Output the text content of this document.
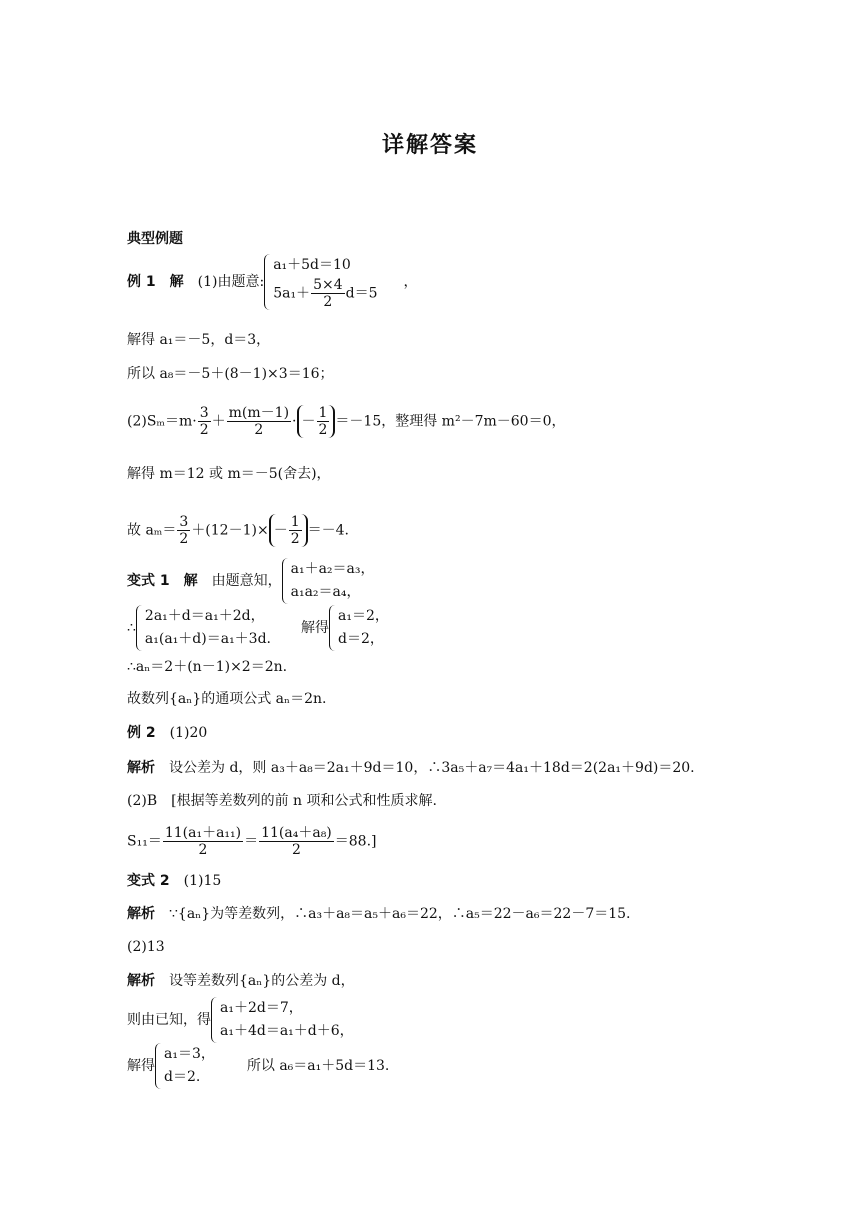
详解答案
典型例题
例 1 解 (1)由题意:
a₁＋5d＝10
$5a_1+ \frac{5\times 4}{2} d=5$
，
解得 a₁＝－5，d＝3，
所以 a₈＝－5＋(8－1)×3＝16；
$(2)S_m=m\cdot \frac{3}{2} + \frac{m(m-1)}{2}$ · － $\frac{1}{2} =-15$，整理得 m²－7m－60＝0，
解得 m＝12 或 m＝－5(舍去)，
故 $a_m= \frac{3}{2} +(12-1)\times - \frac{1}{2} =-4$.
变式 1 解 由题意知，
a₁＋a₂＝a₃，
a₁a₂＝a₄，
∴
2a₁＋d＝a₁＋2d，
a₁(a₁＋d)＝a₁＋3d.
解得
a₁＝2，
d＝2，
∴aₙ＝2＋(n－1)×2＝2n.
故数列{aₙ}的通项公式 aₙ＝2n.
例 2 (1)20
解析 设公差为 d，则 a₃＋a₈＝2a₁＋9d＝10，∴3a₅＋a₇＝4a₁＋18d＝2(2a₁＋9d)＝20.
(2)B [根据等差数列的前 n 项和公式和性质求解.
$S_{11}= \frac{\text{11(a₁＋a₁₁)}}{2} = \frac{\text{11(a₄＋a₈)}}{2} =88$.]
变式 2 (1)15
解析 ∵{aₙ}为等差数列，∴a₃＋a₈＝a₅＋a₆＝22，∴a₅＝22－a₆＝22－7＝15.
(2)13
解析 设等差数列{aₙ}的公差为 d，
则由已知，得
a₁＋2d＝7，
a₁＋4d＝a₁＋d＋6，
解得
a₁＝3，
d＝2.
所以 a₆＝a₁＋5d＝13.
